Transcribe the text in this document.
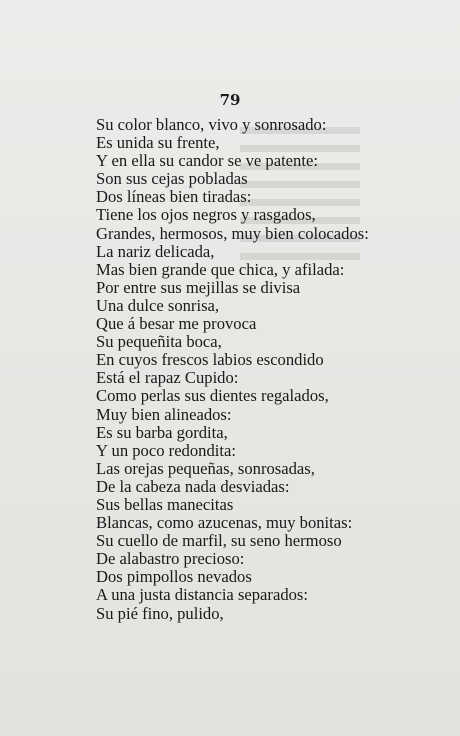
79
Su color blanco, vivo y sonrosado:
Es unida su frente,
Y en ella su candor se ve patente:
Son sus cejas pobladas
Dos líneas bien tiradas:
Tiene los ojos negros y rasgados,
Grandes, hermosos, muy bien colocados:
La nariz delicada,
Mas bien grande que chica, y afilada:
Por entre sus mejillas se divisa
Una dulce sonrisa,
Que á besar me provoca
Su pequeñita boca,
En cuyos frescos labios escondido
Está el rapaz Cupido:
Como perlas sus dientes regalados,
Muy bien alineados:
Es su barba gordita,
Y un poco redondita:
Las orejas pequeñas, sonrosadas,
De la cabeza nada desviadas:
Sus bellas manecitas
Blancas, como azucenas, muy bonitas:
Su cuello de marfil, su seno hermoso
De alabastro precioso:
Dos pimpollos nevados
A una justa distancia separados:
Su pié fino, pulido,
